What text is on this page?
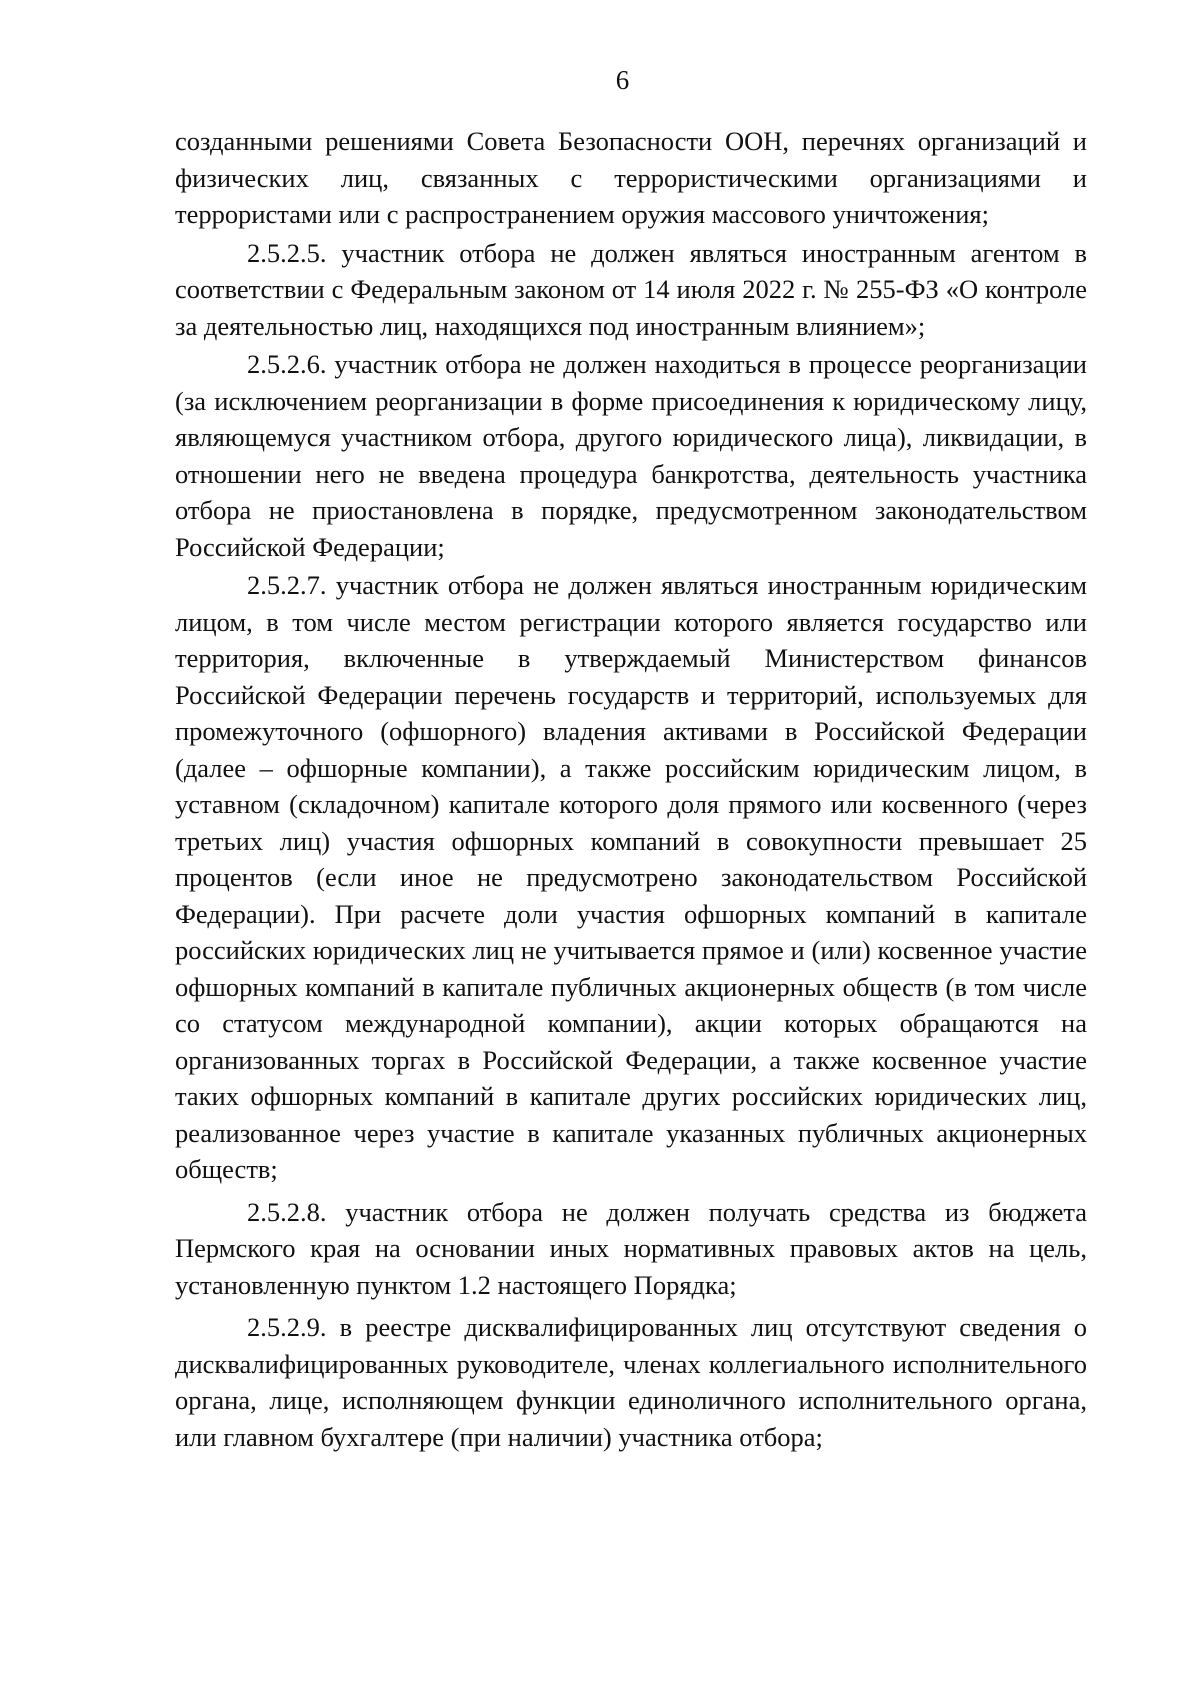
6

созданными решениями Совета Безопасности ООН, перечнях организаций и физических лиц, связанных с террористическими организациями и террористами или с распространением оружия массового уничтожения;

2.5.2.5. участник отбора не должен являться иностранным агентом в соответствии с Федеральным законом от 14 июля 2022 г. № 255-ФЗ «О контроле за деятельностью лиц, находящихся под иностранным влиянием»;

2.5.2.6. участник отбора не должен находиться в процессе реорганизации (за исключением реорганизации в форме присоединения к юридическому лицу, являющемуся участником отбора, другого юридического лица), ликвидации, в отношении него не введена процедура банкротства, деятельность участника отбора не приостановлена в порядке, предусмотренном законодательством Российской Федерации;

2.5.2.7. участник отбора не должен являться иностранным юридическим лицом, в том числе местом регистрации которого является государство или территория, включенные в утверждаемый Министерством финансов Российской Федерации перечень государств и территорий, используемых для промежуточного (офшорного) владения активами в Российской Федерации (далее – офшорные компании), а также российским юридическим лицом, в уставном (складочном) капитале которого доля прямого или косвенного (через третьих лиц) участия офшорных компаний в совокупности превышает 25 процентов (если иное не предусмотрено законодательством Российской Федерации). При расчете доли участия офшорных компаний в капитале российских юридических лиц не учитывается прямое и (или) косвенное участие офшорных компаний в капитале публичных акционерных обществ (в том числе со статусом международной компании), акции которых обращаются на организованных торгах в Российской Федерации, а также косвенное участие таких офшорных компаний в капитале других российских юридических лиц, реализованное через участие в капитале указанных публичных акционерных обществ;

2.5.2.8. участник отбора не должен получать средства из бюджета Пермского края на основании иных нормативных правовых актов на цель, установленную пунктом 1.2 настоящего Порядка;

2.5.2.9. в реестре дисквалифицированных лиц отсутствуют сведения о дисквалифицированных руководителе, членах коллегиального исполнительного органа, лице, исполняющем функции единоличного исполнительного органа, или главном бухгалтере (при наличии) участника отбора;
